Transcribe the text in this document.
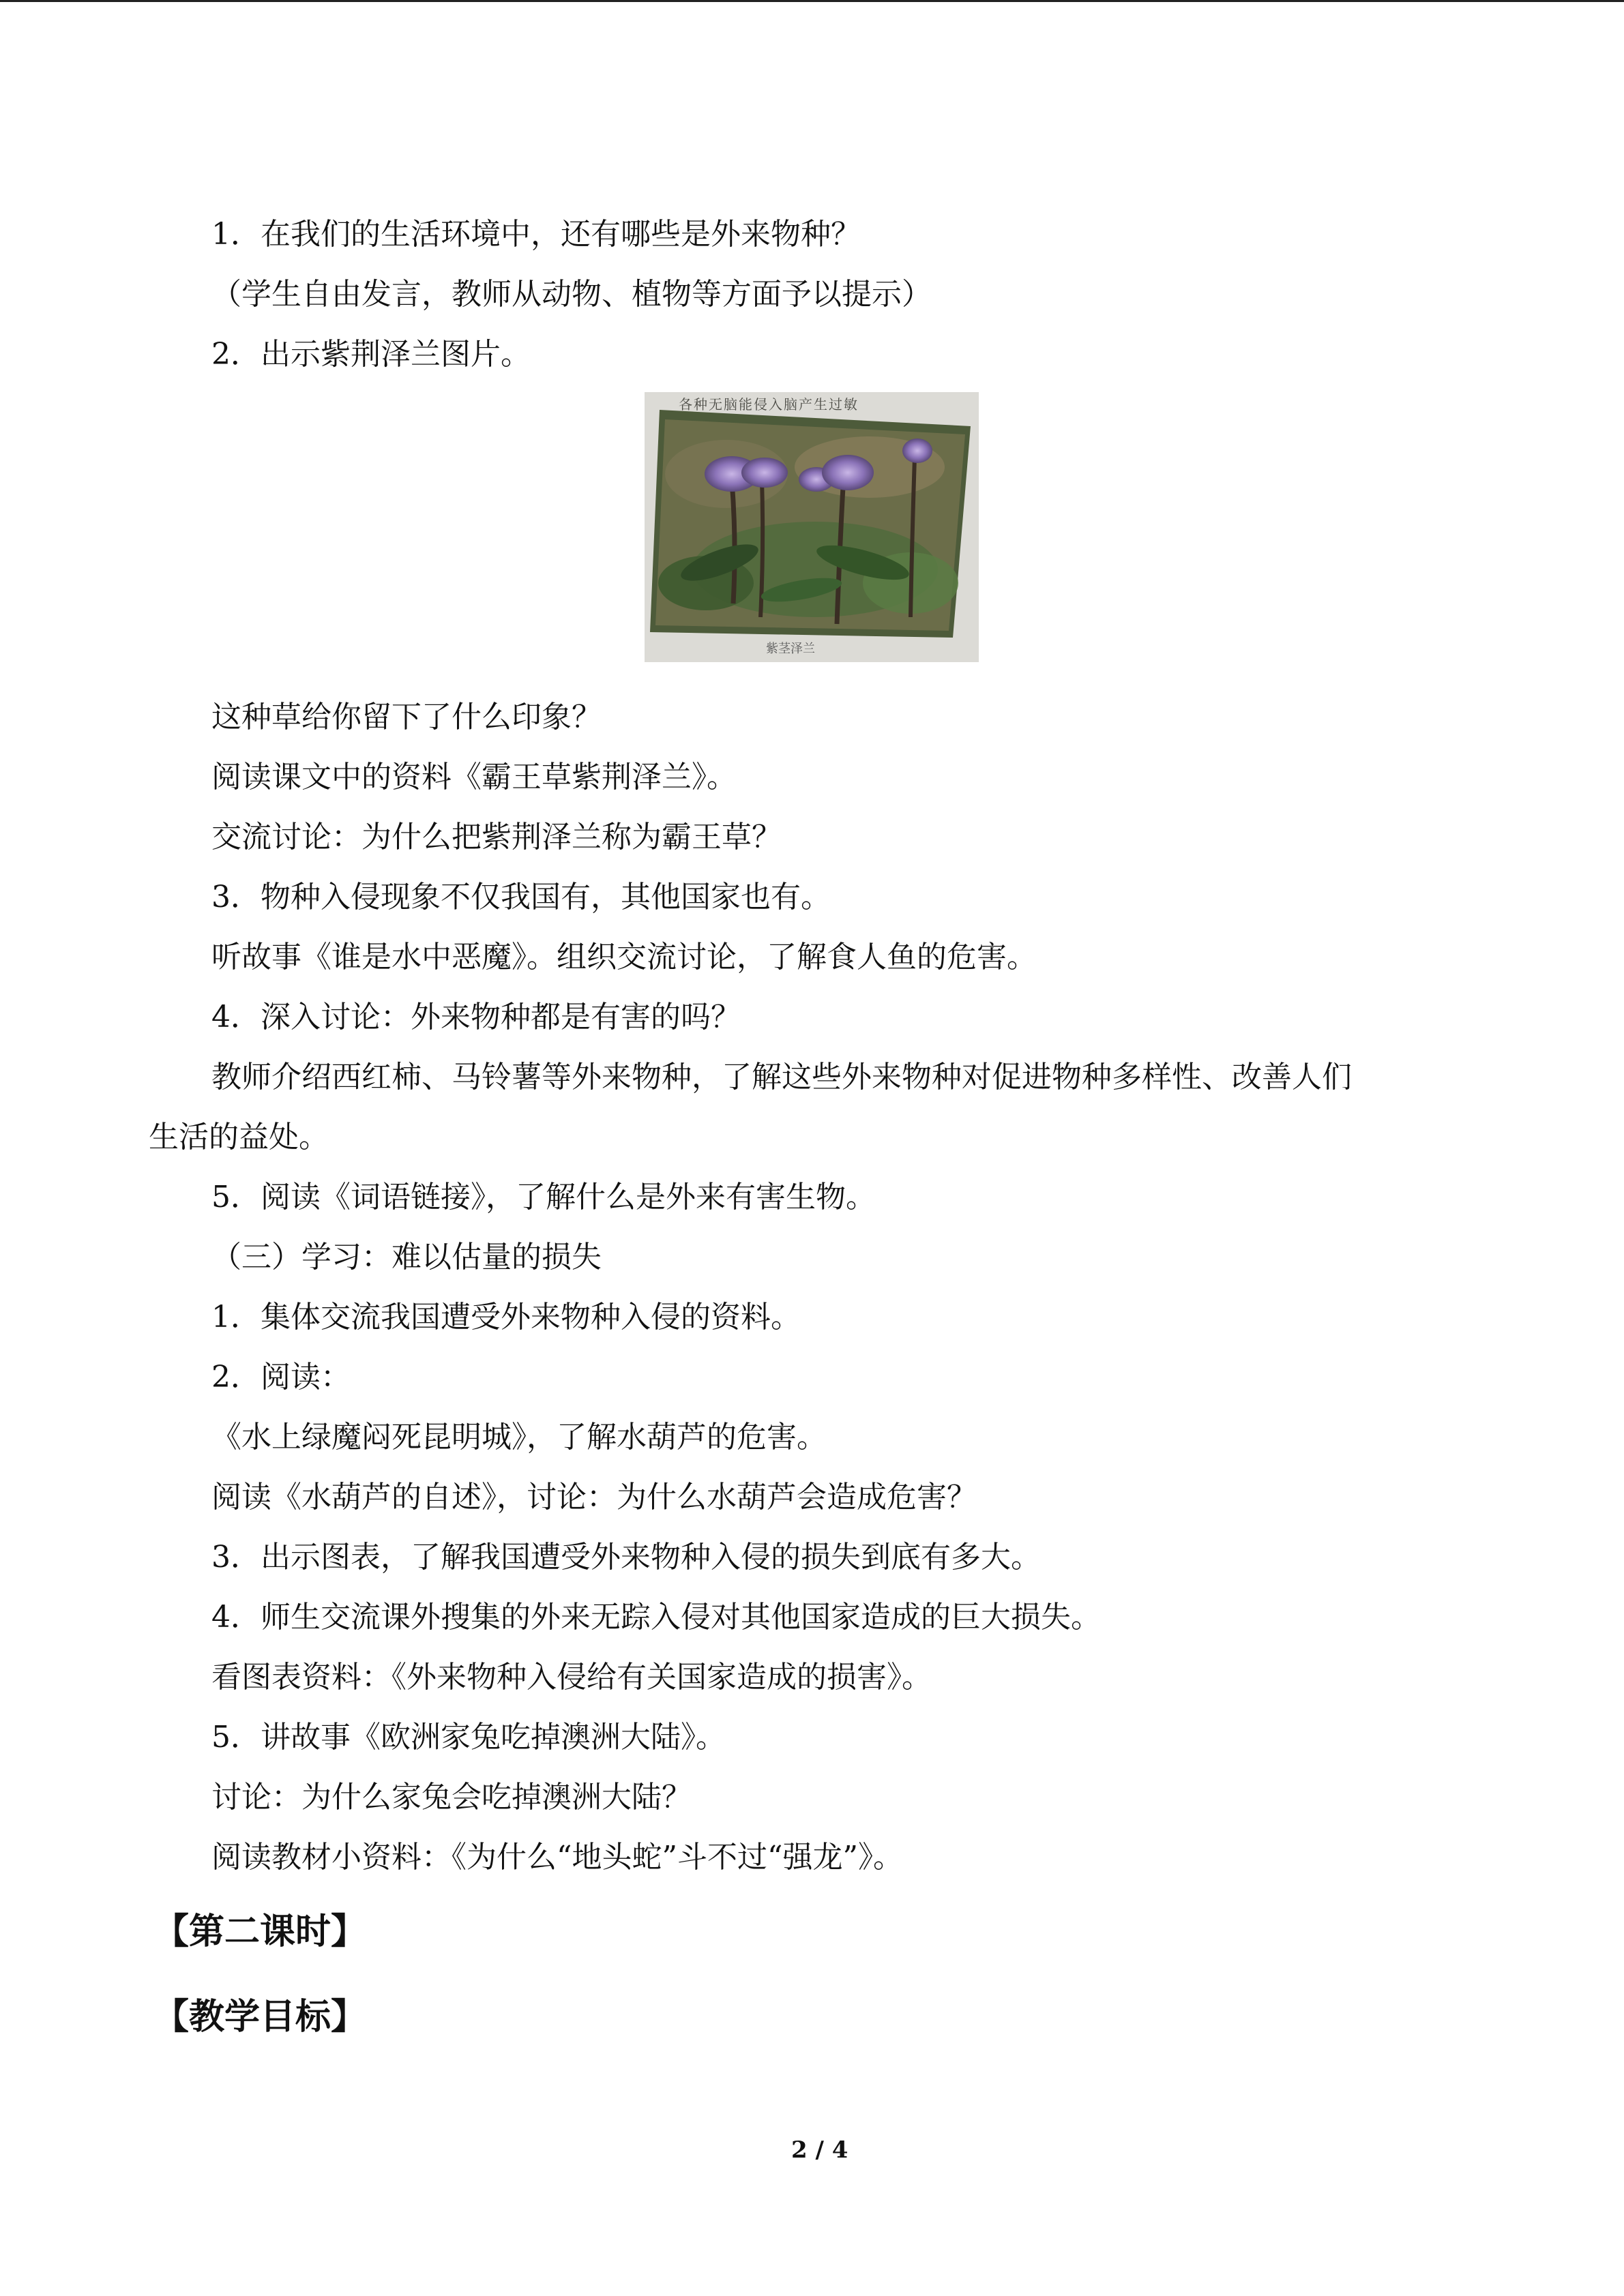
1．在我们的生活环境中，还有哪些是外来物种？
（学生自由发言，教师从动物、植物等方面予以提示）
2．出示紫荆泽兰图片。
各种无脑能侵入脑产生过敏
紫茎泽兰
这种草给你留下了什么印象？
阅读课文中的资料《霸王草紫荆泽兰》。
交流讨论：为什么把紫荆泽兰称为霸王草？
3．物种入侵现象不仅我国有，其他国家也有。
听故事《谁是水中恶魔》。组织交流讨论，了解食人鱼的危害。
4．深入讨论：外来物种都是有害的吗？
教师介绍西红柿、马铃薯等外来物种，了解这些外来物种对促进物种多样性、改善人们
生活的益处。
5．阅读《词语链接》，了解什么是外来有害生物。
（三）学习：难以估量的损失
1．集体交流我国遭受外来物种入侵的资料。
2．阅读：
《水上绿魔闷死昆明城》，了解水葫芦的危害。
阅读《水葫芦的自述》，讨论：为什么水葫芦会造成危害？
3．出示图表，了解我国遭受外来物种入侵的损失到底有多大。
4．师生交流课外搜集的外来无踪入侵对其他国家造成的巨大损失。
看图表资料：《外来物种入侵给有关国家造成的损害》。
5．讲故事《欧洲家兔吃掉澳洲大陆》。
讨论：为什么家兔会吃掉澳洲大陆？
阅读教材小资料：《为什么“地头蛇”斗不过“强龙”》。
【第二课时】
【教学目标】
2 / 4
